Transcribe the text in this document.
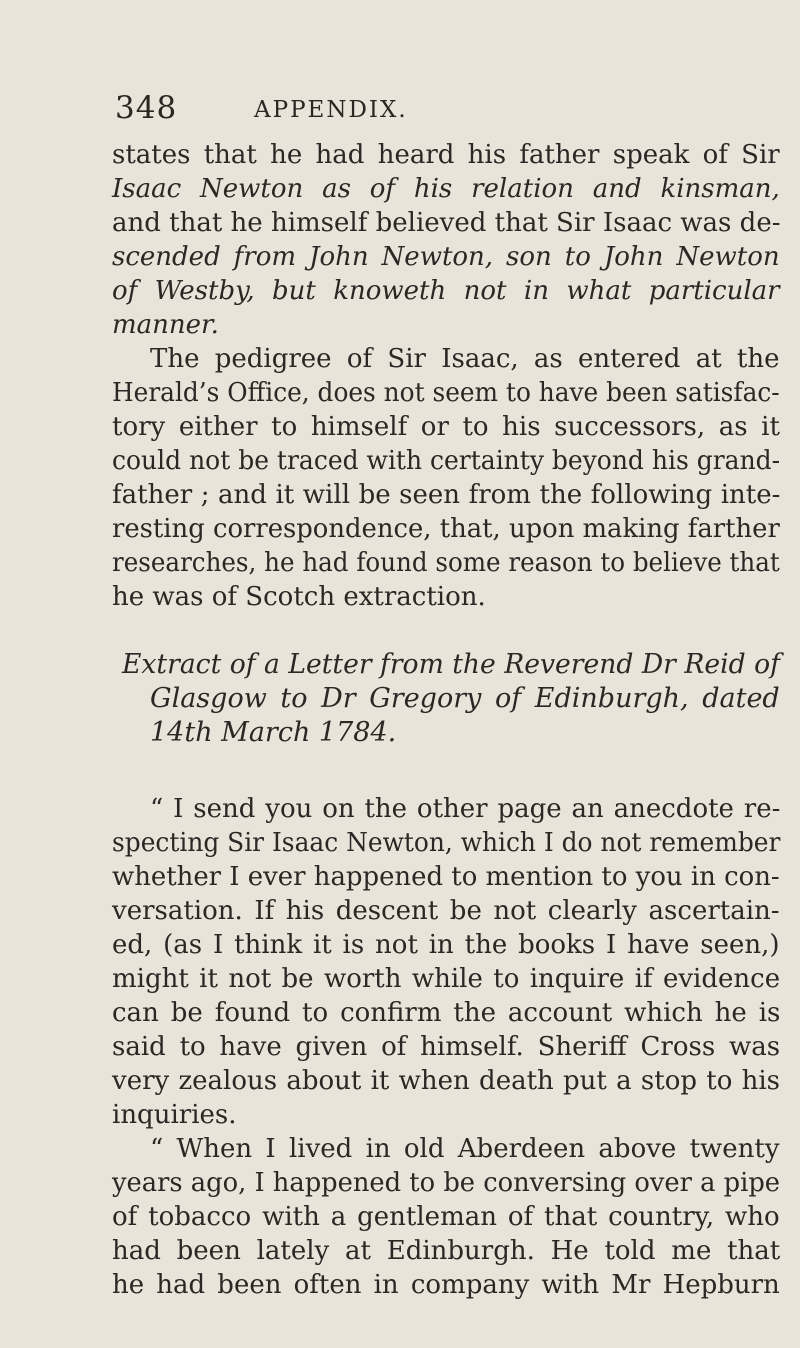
348	APPENDIX.
states that he had heard his father speak of Sir
Isaac Newton as of his relation and kinsman,
and that he himself believed that Sir Isaac was de-
scended from John Newton, son to John Newton
of Westby, but knoweth not in what particular
manner.
The pedigree of Sir Isaac, as entered at the
Herald’s Office, does not seem to have been satisfac-
tory either to himself or to his successors, as it
could not be traced with certainty beyond his grand-
father ; and it will be seen from the following inte-
resting correspondence, that, upon making farther
researches, he had found some reason to believe that
he was of Scotch extraction.
Extract of a Letter from the Reverend Dr Reid of
Glasgow to Dr Gregory of Edinburgh, dated
14th March 1784.
“ I send you on the other page an anecdote re-
specting Sir Isaac Newton, which I do not remember
whether I ever happened to mention to you in con-
versation. If his descent be not clearly ascertain-
ed, (as I think it is not in the books I have seen,)
might it not be worth while to inquire if evidence
can be found to confirm the account which he is
said to have given of himself. Sheriff Cross was
very zealous about it when death put a stop to his
inquiries.
“ When I lived in old Aberdeen above twenty
years ago, I happened to be conversing over a pipe
of tobacco with a gentleman of that country, who
had been lately at Edinburgh. He told me that
he had been often in company with Mr Hepburn
